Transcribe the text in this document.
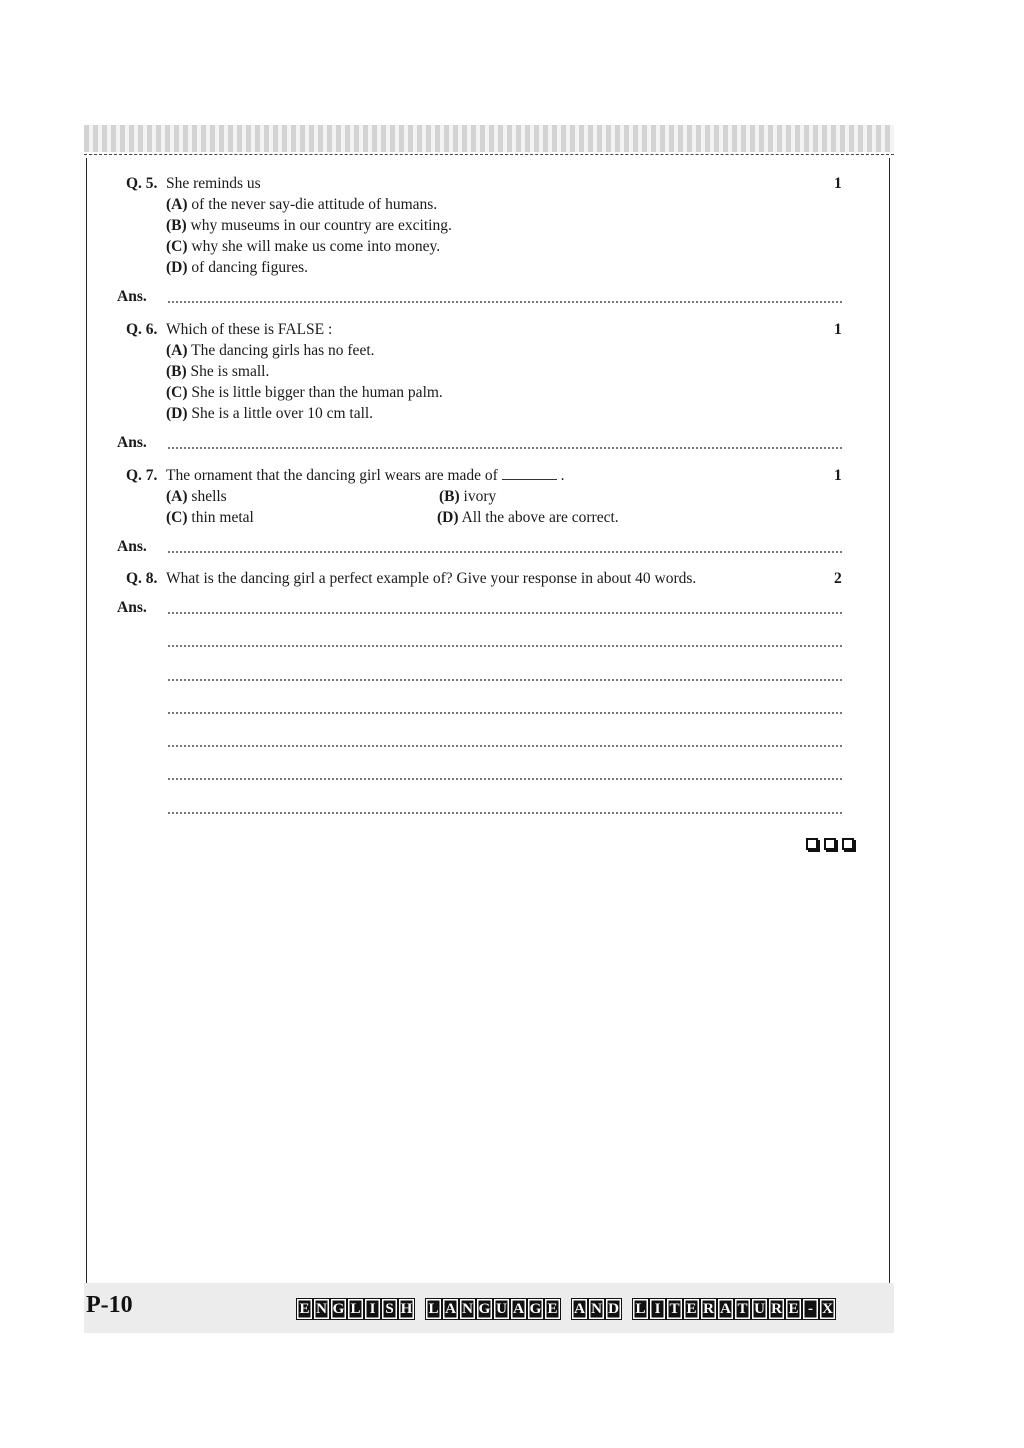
Q. 5. She reminds us	1
(A) of the never say-die attitude of humans.
(B) why museums in our country are exciting.
(C) why she will make us come into money.
(D) of dancing figures.
Ans.
Q. 6. Which of these is FALSE :	1
(A) The dancing girls has no feet.
(B) She is small.
(C) She is little bigger than the human palm.
(D) She is a little over 10 cm tall.
Ans.
Q. 7. The ornament that the dancing girl wears are made of	.	1
(A) shells	(B) ivory
(C) thin metal	(D) All the above are correct.
Ans.
Q. 8. What is the dancing girl a perfect example of? Give your response in about 40 words.	2
Ans.
P-10	E N G L I S H L A N G U A G E A N D L I T E R A T U R E - X
